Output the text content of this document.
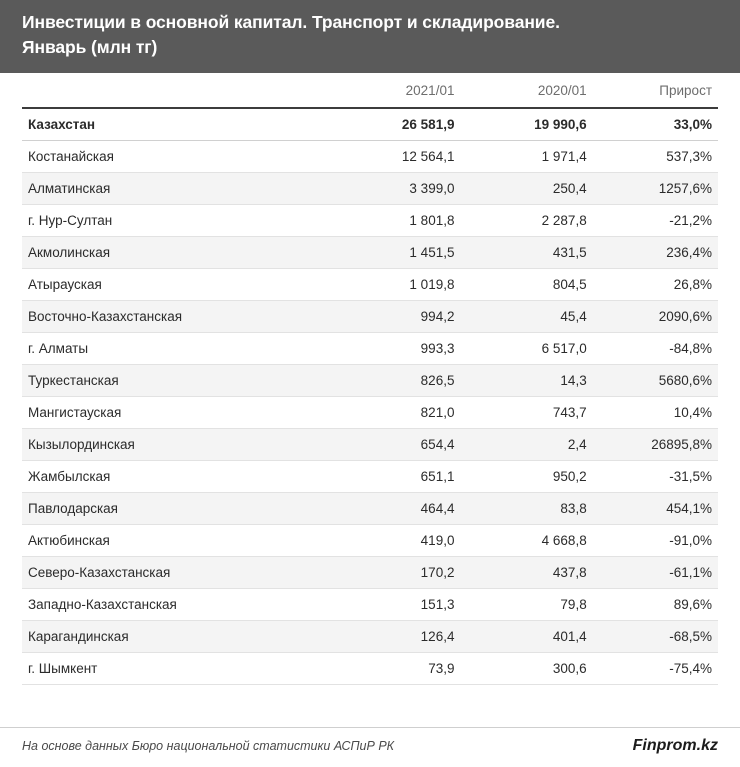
Инвестиции в основной капитал. Транспорт и складирование.
Январь (млн тг)
	2021/01	2020/01	Прирост
Казахстан	26 581,9	19 990,6	33,0%
Костанайская	12 564,1	1 971,4	537,3%
Алматинская	3 399,0	250,4	1257,6%
г. Нур-Султан	1 801,8	2 287,8	-21,2%
Акмолинская	1 451,5	431,5	236,4%
Атырауская	1 019,8	804,5	26,8%
Восточно-Казахстанская	994,2	45,4	2090,6%
г. Алматы	993,3	6 517,0	-84,8%
Туркестанская	826,5	14,3	5680,6%
Мангистауская	821,0	743,7	10,4%
Кызылординская	654,4	2,4	26895,8%
Жамбылская	651,1	950,2	-31,5%
Павлодарская	464,4	83,8	454,1%
Актюбинская	419,0	4 668,8	-91,0%
Северо-Казахстанская	170,2	437,8	-61,1%
Западно-Казахстанская	151,3	79,8	89,6%
Карагандинская	126,4	401,4	-68,5%
г. Шымкент	73,9	300,6	-75,4%
На основе данных Бюро национальной статистики АСПиР РК	Finprom.kz
